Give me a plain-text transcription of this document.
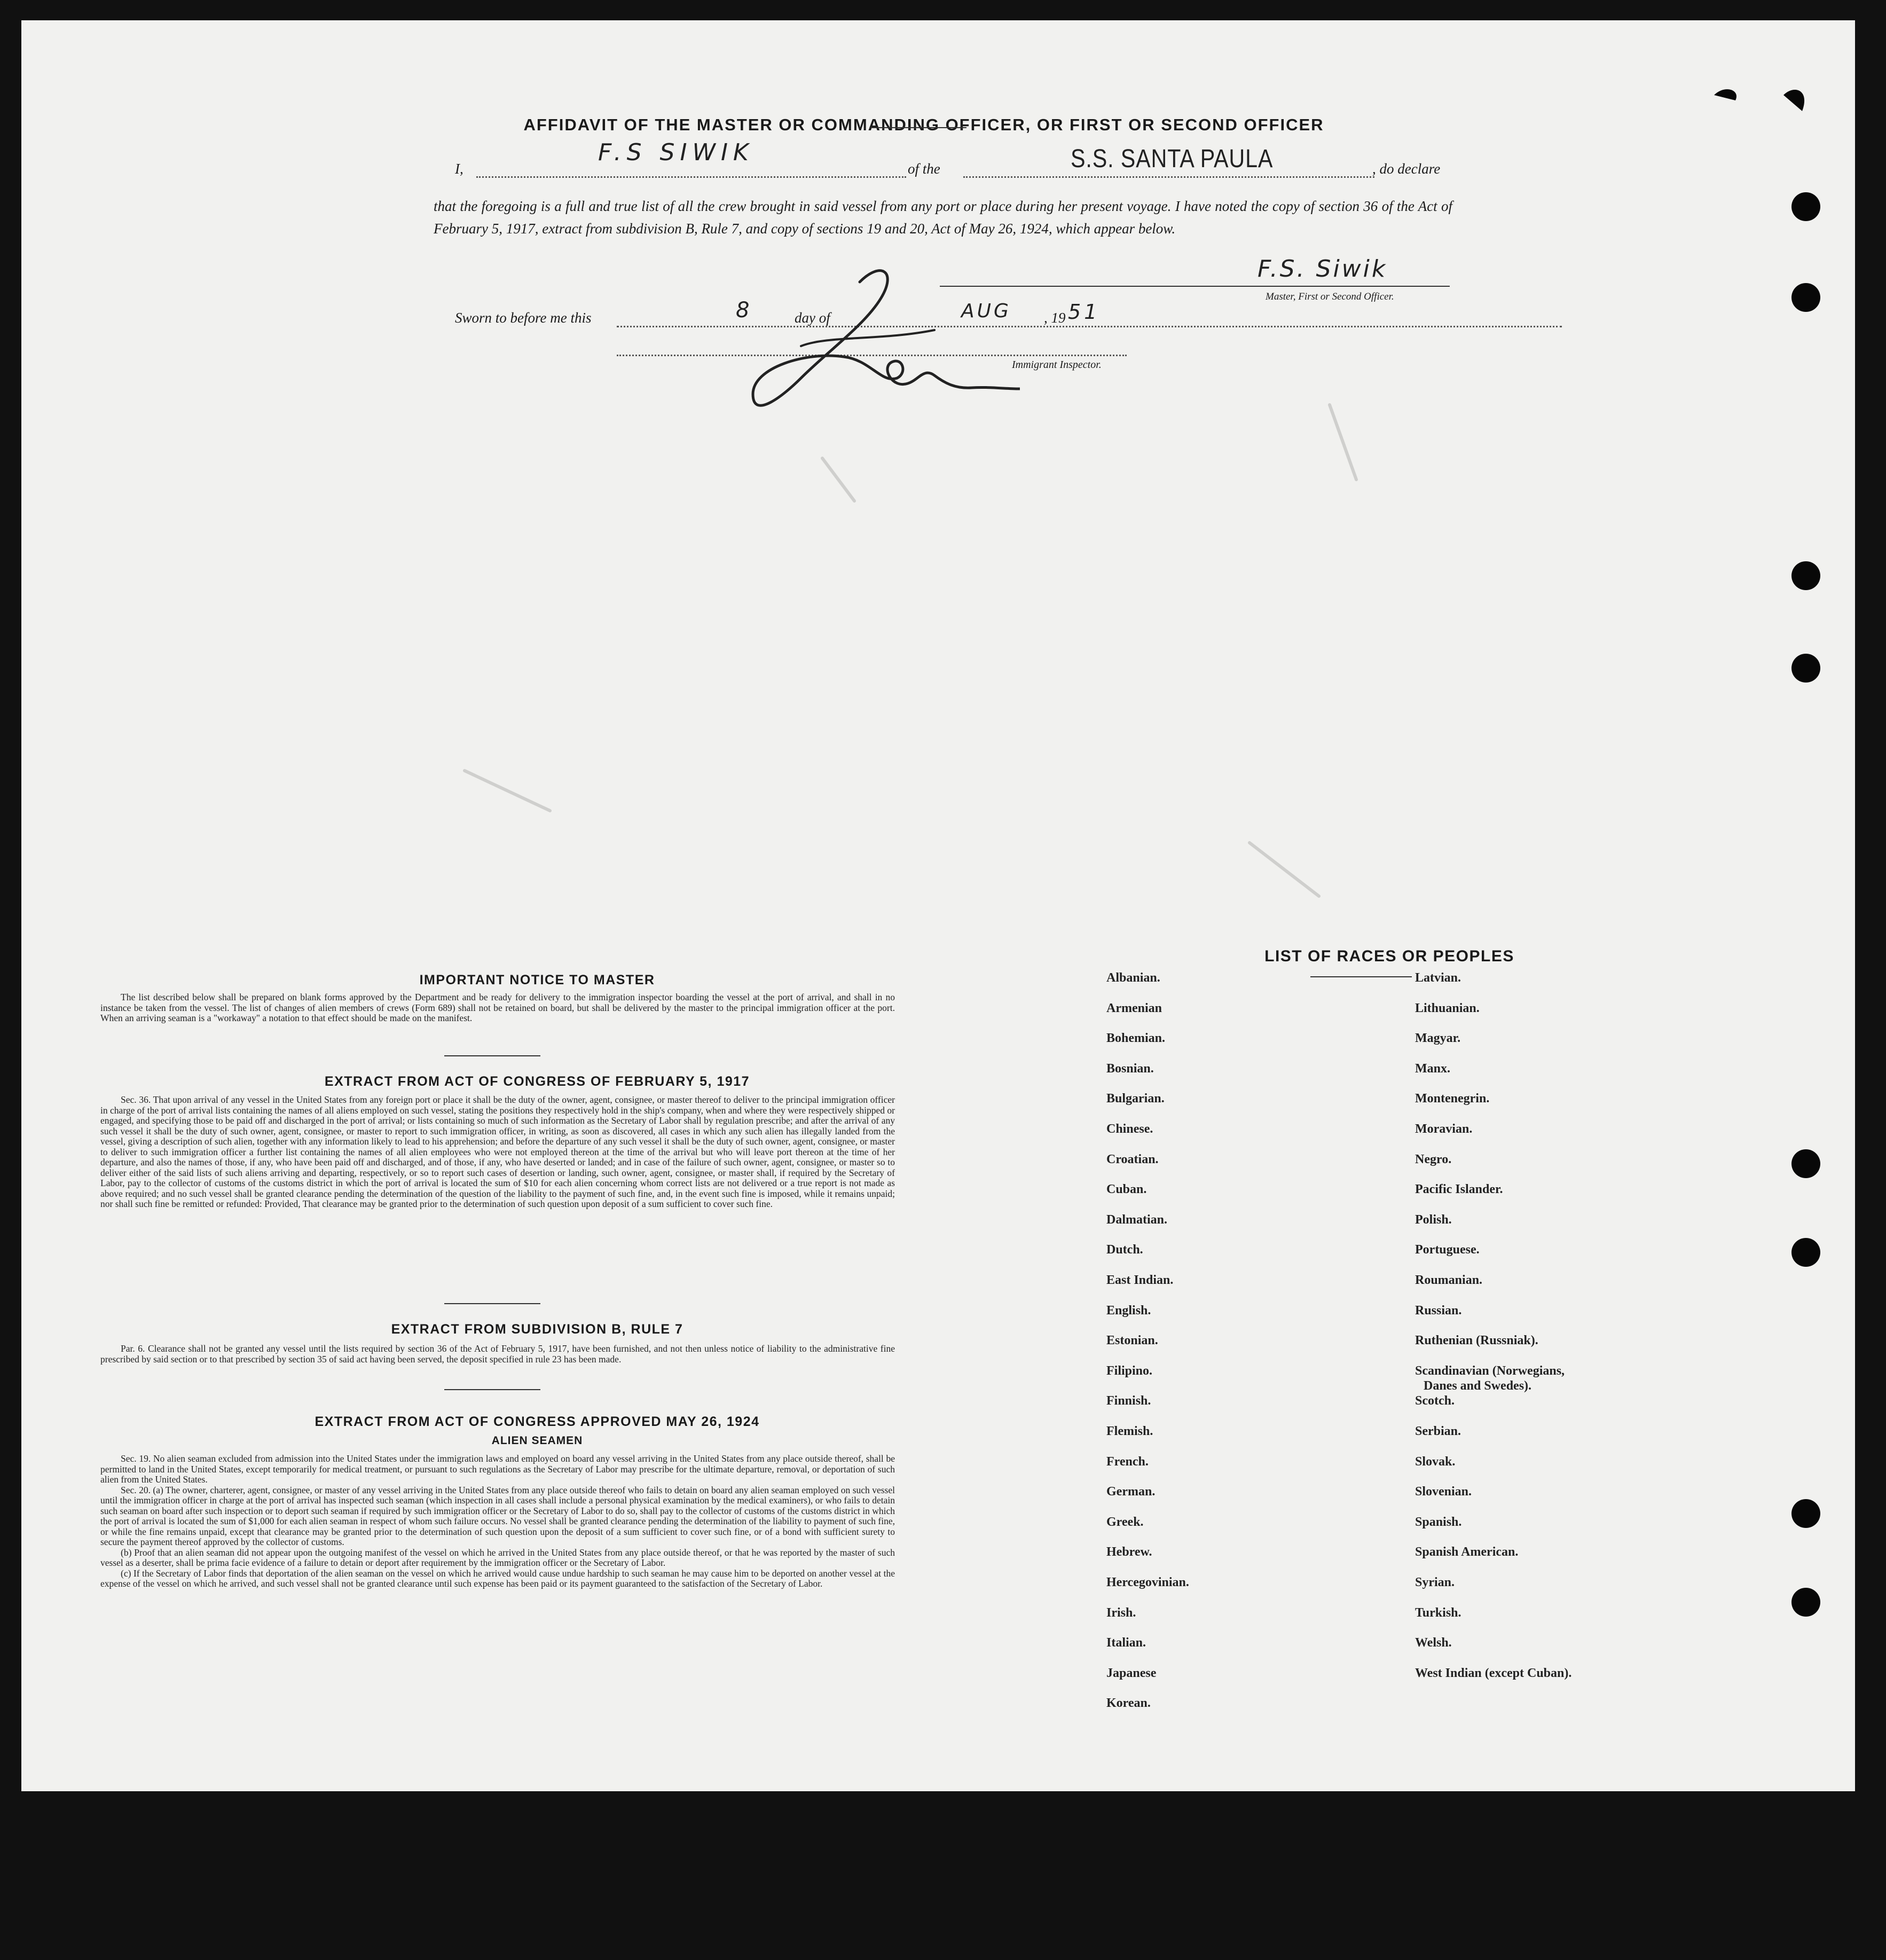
AFFIDAVIT OF THE MASTER OR COMMANDING OFFICER, OR FIRST OR SECOND OFFICER
I,
F.S SIWIK
of the	S.S. SANTA PAULA	, do declare
that the foregoing is a full and true list of all the crew brought in said vessel from any port or place during her present voyage. I have noted the copy of section 36 of the Act of February 5, 1917, extract from subdivision B, Rule 7, and copy of sections 19 and 20, Act of May 26, 1924, which appear below.
F.S. Siwik
Master, First or Second Officer.
Sworn to before me this	8	day of	AUG , 19 51
Immigrant Inspector.
IMPORTANT NOTICE TO MASTER

The list described below shall be prepared on blank forms approved by the Department and be ready for delivery to the immigration inspector boarding the vessel at the port of arrival, and shall in no instance be taken from the vessel. The list of changes of alien members of crews (Form 689) shall not be retained on board, but shall be delivered by the master to the principal immigration officer at the port. When an arriving seaman is a "workaway" a notation to that effect should be made on the manifest.

EXTRACT FROM ACT OF CONGRESS OF FEBRUARY 5, 1917

Sec. 36. That upon arrival of any vessel in the United States from any foreign port or place it shall be the duty of the owner, agent, consignee, or master thereof to deliver to the principal immigration officer in charge of the port of arrival lists containing the names of all aliens employed on such vessel, stating the positions they respectively hold in the ship's company, when and where they were respectively shipped or engaged, and specifying those to be paid off and discharged in the port of arrival; or lists containing so much of such information as the Secretary of Labor shall by regulation prescribe; and after the arrival of any such vessel it shall be the duty of such owner, agent, consignee, or master to report to such immigration officer, in writing, as soon as discovered, all cases in which any such alien has illegally landed from the vessel, giving a description of such alien, together with any information likely to lead to his apprehension; and before the departure of any such vessel it shall be the duty of such owner, agent, consignee, or master to deliver to such immigration officer a further list containing the names of all alien employees who were not employed thereon at the time of the arrival but who will leave port thereon at the time of her departure, and also the names of those, if any, who have been paid off and discharged, and of those, if any, who have deserted or landed; and in case of the failure of such owner, agent, consignee, or master so to deliver either of the said lists of such aliens arriving and departing, respectively, or so to report such cases of desertion or landing, such owner, agent, consignee, or master shall, if required by the Secretary of Labor, pay to the collector of customs of the customs district in which the port of arrival is located the sum of $10 for each alien concerning whom correct lists are not delivered or a true report is not made as above required; and no such vessel shall be granted clearance pending the determination of the question of the liability to the payment of such fine, and, in the event such fine is imposed, while it remains unpaid; nor shall such fine be remitted or refunded: Provided, That clearance may be granted prior to the determination of such question upon deposit of a sum sufficient to cover such fine.

EXTRACT FROM SUBDIVISION B, RULE 7

Par. 6. Clearance shall not be granted any vessel until the lists required by section 36 of the Act of February 5, 1917, have been furnished, and not then unless notice of liability to the administrative fine prescribed by said section or to that prescribed by section 35 of said act having been served, the deposit specified in rule 23 has been made.

EXTRACT FROM ACT OF CONGRESS APPROVED MAY 26, 1924
ALIEN SEAMEN

Sec. 19. No alien seaman excluded from admission into the United States under the immigration laws and employed on board any vessel arriving in the United States from any place outside thereof, shall be permitted to land in the United States, except temporarily for medical treatment, or pursuant to such regulations as the Secretary of Labor may prescribe for the ultimate departure, removal, or deportation of such alien from the United States.

Sec. 20. (a) The owner, charterer, agent, consignee, or master of any vessel arriving in the United States from any place outside thereof who fails to detain on board any alien seaman employed on such vessel until the immigration officer in charge at the port of arrival has inspected such seaman (which inspection in all cases shall include a personal physical examination by the medical examiners), or who fails to detain such seaman on board after such inspection or to deport such seaman if required by such immigration officer or the Secretary of Labor to do so, shall pay to the collector of customs of the customs district in which the port of arrival is located the sum of $1,000 for each alien seaman in respect of whom such failure occurs. No vessel shall be granted clearance pending the determination of the liability to payment of such fine, or while the fine remains unpaid, except that clearance may be granted prior to the determination of such question upon the deposit of a sum sufficient to cover such fine, or of a bond with sufficient surety to secure the payment thereof approved by the collector of customs.

(b) Proof that an alien seaman did not appear upon the outgoing manifest of the vessel on which he arrived in the United States from any place outside thereof, or that he was reported by the master of such vessel as a deserter, shall be prima facie evidence of a failure to detain or deport after requirement by the immigration officer or the Secretary of Labor.

(c) If the Secretary of Labor finds that deportation of the alien seaman on the vessel on which he arrived would cause undue hardship to such seaman he may cause him to be deported on another vessel at the expense of the vessel on which he arrived, and such vessel shall not be granted clearance until such expense has been paid or its payment guaranteed to the satisfaction of the Secretary of Labor.

LIST OF RACES OR PEOPLES
Albanian.
Armenian
Bohemian.
Bosnian.
Bulgarian.
Chinese.
Croatian.
Cuban.
Dalmatian.
Dutch.
East Indian.
English.
Estonian.
Filipino.
Finnish.
Flemish.
French.
German.
Greek.
Hebrew.
Hercegovinian.
Irish.
Italian.
Japanese
Korean.
Latvian.
Lithuanian.
Magyar.
Manx.
Montenegrin.
Moravian.
Negro.
Pacific Islander.
Polish.
Portuguese.
Roumanian.
Russian.
Ruthenian (Russniak).
Scandinavian (Norwegians,
Danes and Swedes).
Scotch.
Serbian.
Slovak.
Slovenian.
Spanish.
Spanish American.
Syrian.
Turkish.
Welsh.
West Indian (except Cuban).
